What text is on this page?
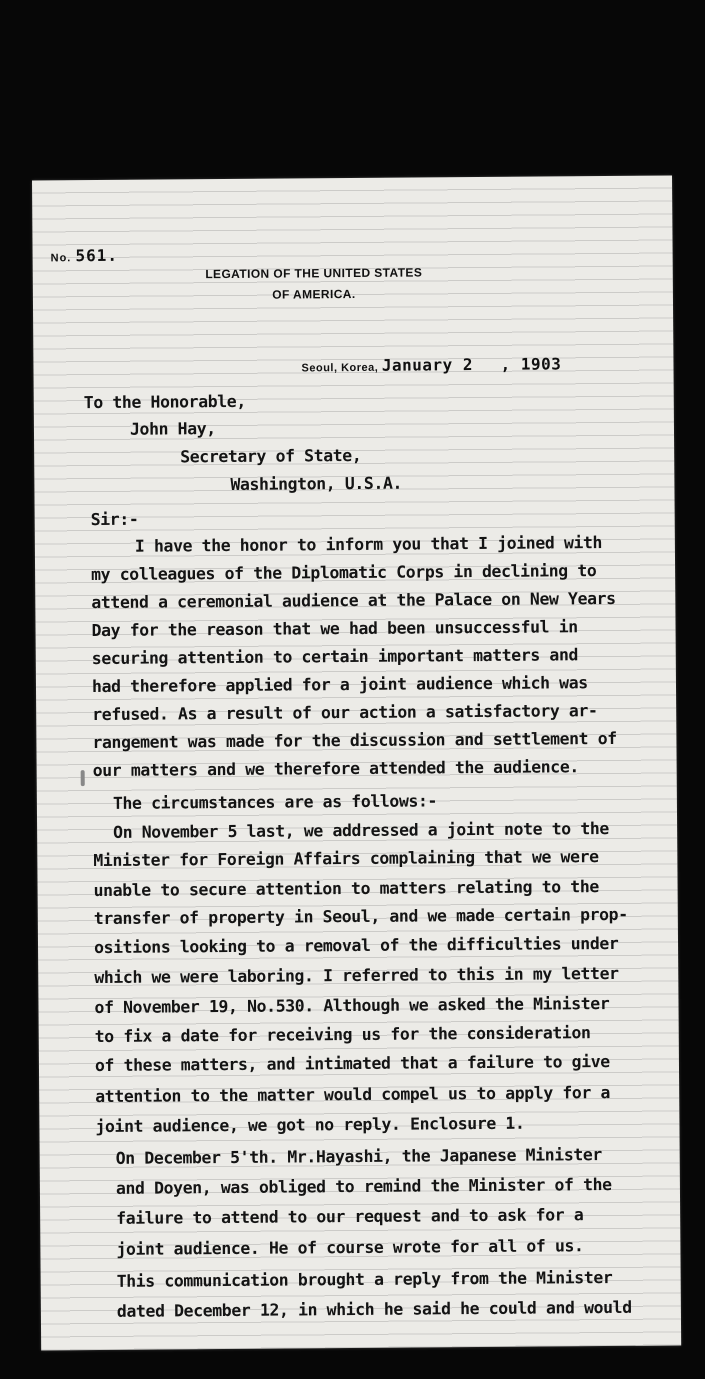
No. 561.
LEGATION OF THE UNITED STATES
OF AMERICA.
Seoul, Korea, January 2 , 1903
To the Honorable,
John Hay,
Secretary of State,
Washington, U.S.A.
Sir:-
I have the honor to inform you that I joined with
my colleagues of the Diplomatic Corps in declining to
attend a ceremonial audience at the Palace on New Years
Day for the reason that we had been unsuccessful in
securing attention to certain important matters and
had therefore applied for a joint audience which was
refused. As a result of our action a satisfactory ar-
rangement was made for the discussion and settlement of
our matters and we therefore attended the audience.
The circumstances are as follows:-
On November 5 last, we addressed a joint note to the
Minister for Foreign Affairs complaining that we were
unable to secure attention to matters relating to the
transfer of property in Seoul, and we made certain prop-
ositions looking to a removal of the difficulties under
which we were laboring. I referred to this in my letter
of November 19, No.530. Although we asked the Minister
to fix a date for receiving us for the consideration
of these matters, and intimated that a failure to give
attention to the matter would compel us to apply for a
joint audience, we got no reply. Enclosure 1.
On December 5'th. Mr.Hayashi, the Japanese Minister
and Doyen, was obliged to remind the Minister of the
failure to attend to our request and to ask for a
joint audience. He of course wrote for all of us.
This communication brought a reply from the Minister
dated December 12, in which he said he could and would
